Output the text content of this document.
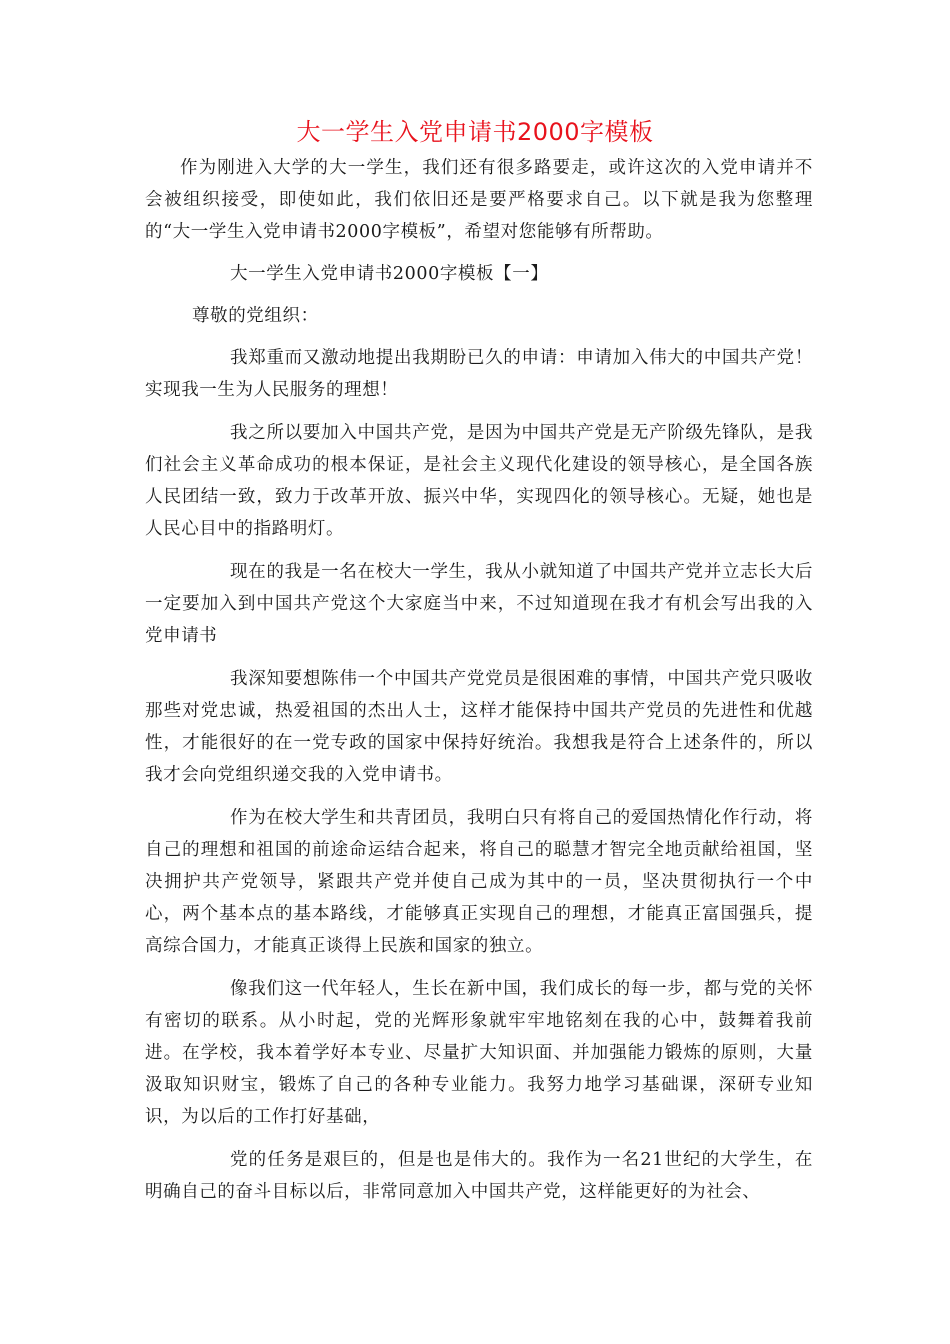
大一学生入党申请书2000字模板

作为刚进入大学的大一学生，我们还有很多路要走，或许这次的入党申请并不会被组织接受，即使如此，我们依旧还是要严格要求自己。以下就是我为您整理的“大一学生入党申请书2000字模板”，希望对您能够有所帮助。

大一学生入党申请书2000字模板【一】

尊敬的党组织：

我郑重而又激动地提出我期盼已久的申请：申请加入伟大的中国共产党！实现我一生为人民服务的理想！

我之所以要加入中国共产党，是因为中国共产党是无产阶级先锋队，是我们社会主义革命成功的根本保证，是社会主义现代化建设的领导核心，是全国各族人民团结一致，致力于改革开放、振兴中华，实现四化的领导核心。无疑，她也是人民心目中的指路明灯。

现在的我是一名在校大一学生，我从小就知道了中国共产党并立志长大后一定要加入到中国共产党这个大家庭当中来，不过知道现在我才有机会写出我的入党申请书

我深知要想陈伟一个中国共产党党员是很困难的事情，中国共产党只吸收那些对党忠诚，热爱祖国的杰出人士，这样才能保持中国共产党员的先进性和优越性，才能很好的在一党专政的国家中保持好统治。我想我是符合上述条件的，所以我才会向党组织递交我的入党申请书。

作为在校大学生和共青团员，我明白只有将自己的爱国热情化作行动，将自己的理想和祖国的前途命运结合起来，将自己的聪慧才智完全地贡献给祖国，坚决拥护共产党领导，紧跟共产党并使自己成为其中的一员，坚决贯彻执行一个中心，两个基本点的基本路线，才能够真正实现自己的理想，才能真正富国强兵，提高综合国力，才能真正谈得上民族和国家的独立。

像我们这一代年轻人，生长在新中国，我们成长的每一步，都与党的关怀有密切的联系。从小时起，党的光辉形象就牢牢地铭刻在我的心中，鼓舞着我前进。在学校，我本着学好本专业、尽量扩大知识面、并加强能力锻炼的原则，大量汲取知识财宝，锻炼了自己的各种专业能力。我努力地学习基础课，深研专业知识，为以后的工作打好基础，

党的任务是艰巨的，但是也是伟大的。我作为一名21世纪的大学生，在明确自己的奋斗目标以后，非常同意加入中国共产党，这样能更好的为社会、
